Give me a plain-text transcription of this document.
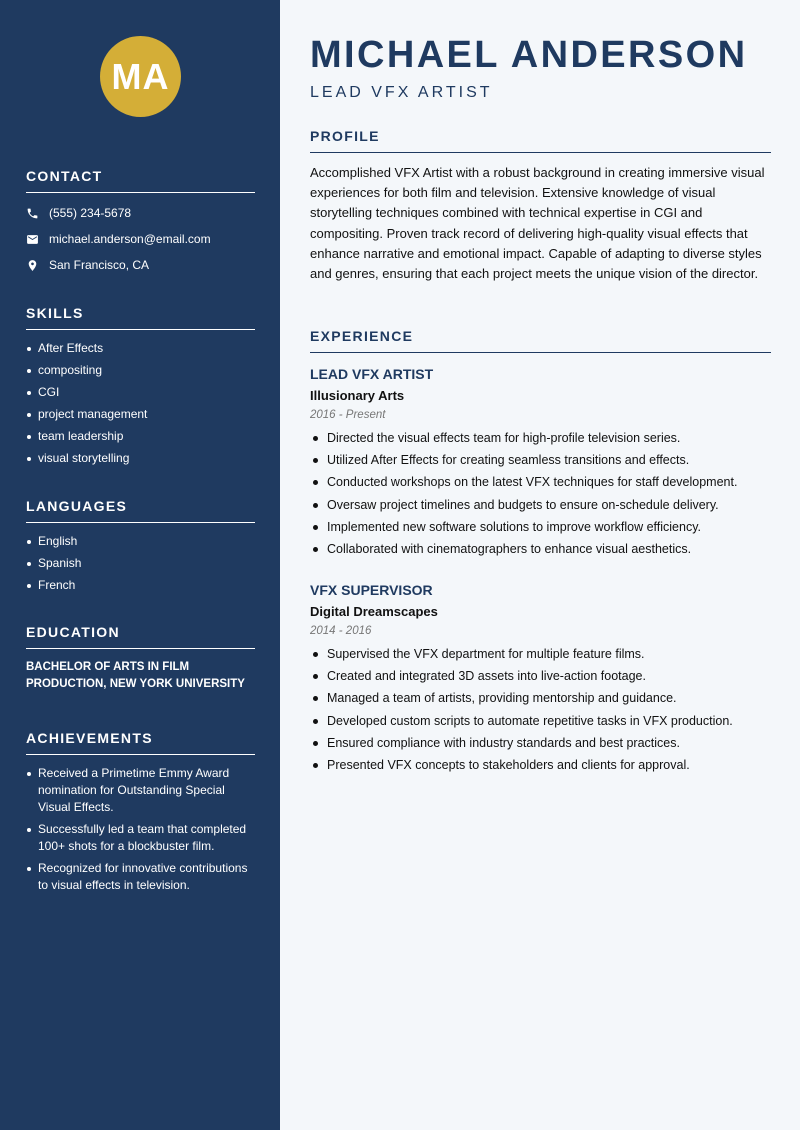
MA
CONTACT
(555) 234-5678
michael.anderson@email.com
San Francisco, CA
SKILLS
After Effects
compositing
CGI
project management
team leadership
visual storytelling
LANGUAGES
English
Spanish
French
EDUCATION
BACHELOR OF ARTS IN FILM PRODUCTION, NEW YORK UNIVERSITY
ACHIEVEMENTS
Received a Primetime Emmy Award nomination for Outstanding Special Visual Effects.
Successfully led a team that completed 100+ shots for a blockbuster film.
Recognized for innovative contributions to visual effects in television.
MICHAEL ANDERSON
LEAD VFX ARTIST
PROFILE
Accomplished VFX Artist with a robust background in creating immersive visual experiences for both film and television. Extensive knowledge of visual storytelling techniques combined with technical expertise in CGI and compositing. Proven track record of delivering high-quality visual effects that enhance narrative and emotional impact. Capable of adapting to diverse styles and genres, ensuring that each project meets the unique vision of the director.
EXPERIENCE
LEAD VFX ARTIST
Illusionary Arts
2016 - Present
Directed the visual effects team for high-profile television series.
Utilized After Effects for creating seamless transitions and effects.
Conducted workshops on the latest VFX techniques for staff development.
Oversaw project timelines and budgets to ensure on-schedule delivery.
Implemented new software solutions to improve workflow efficiency.
Collaborated with cinematographers to enhance visual aesthetics.
VFX SUPERVISOR
Digital Dreamscapes
2014 - 2016
Supervised the VFX department for multiple feature films.
Created and integrated 3D assets into live-action footage.
Managed a team of artists, providing mentorship and guidance.
Developed custom scripts to automate repetitive tasks in VFX production.
Ensured compliance with industry standards and best practices.
Presented VFX concepts to stakeholders and clients for approval.
